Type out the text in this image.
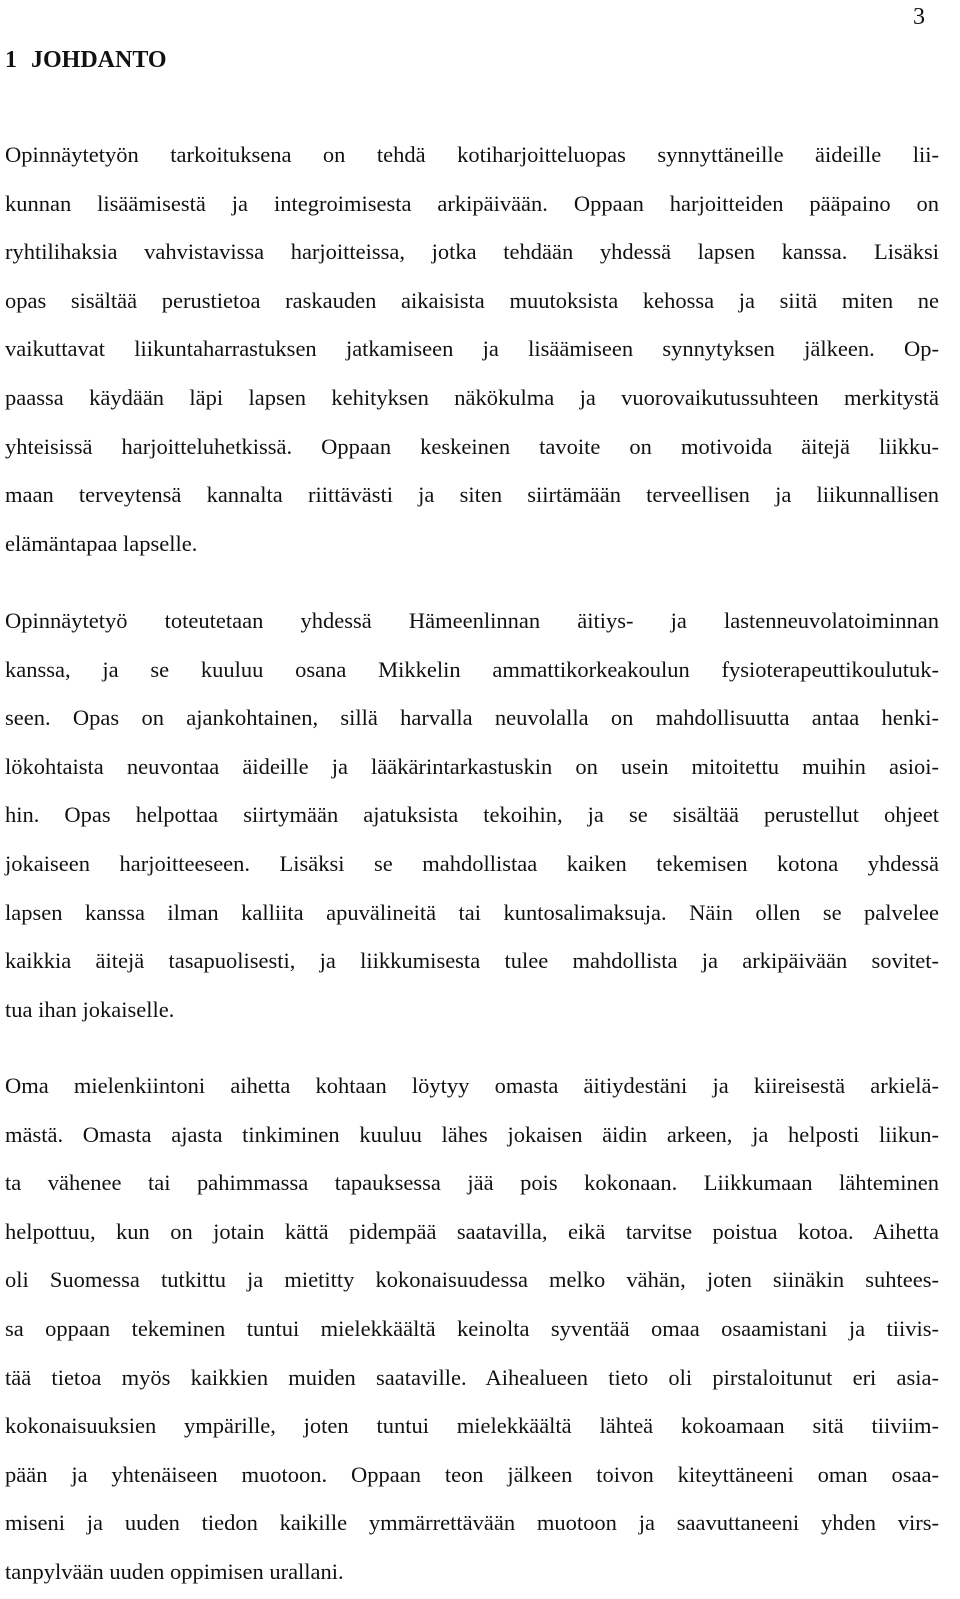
3
1 JOHDANTO

Opinnäytetyön tarkoituksena on tehdä kotiharjoitteluopas synnyttäneille äideille lii-
kunnan lisäämisestä ja integroimisesta arkipäivään. Oppaan harjoitteiden pääpaino on
ryhtilihaksia vahvistavissa harjoitteissa, jotka tehdään yhdessä lapsen kanssa. Lisäksi
opas sisältää perustietoa raskauden aikaisista muutoksista kehossa ja siitä miten ne
vaikuttavat liikuntaharrastuksen jatkamiseen ja lisäämiseen synnytyksen jälkeen. Op-
paassa käydään läpi lapsen kehityksen näkökulma ja vuorovaikutussuhteen merkitystä
yhteisissä harjoitteluhetkissä. Oppaan keskeinen tavoite on motivoida äitejä liikku-
maan terveytensä kannalta riittävästi ja siten siirtämään terveellisen ja liikunnallisen
elämäntapaa lapselle.

Opinnäytetyö toteutetaan yhdessä Hämeenlinnan äitiys- ja lastenneuvolatoiminnan
kanssa, ja se kuuluu osana Mikkelin ammattikorkeakoulun fysioterapeuttikoulutuk-
seen. Opas on ajankohtainen, sillä harvalla neuvolalla on mahdollisuutta antaa henki-
lökohtaista neuvontaa äideille ja lääkärintarkastuskin on usein mitoitettu muihin asioi-
hin. Opas helpottaa siirtymään ajatuksista tekoihin, ja se sisältää perustellut ohjeet
jokaiseen harjoitteeseen. Lisäksi se mahdollistaa kaiken tekemisen kotona yhdessä
lapsen kanssa ilman kalliita apuvälineitä tai kuntosalimaksuja. Näin ollen se palvelee
kaikkia äitejä tasapuolisesti, ja liikkumisesta tulee mahdollista ja arkipäivään sovitet-
tua ihan jokaiselle.

Oma mielenkiintoni aihetta kohtaan löytyy omasta äitiydestäni ja kiireisestä arkielä-
mästä. Omasta ajasta tinkiminen kuuluu lähes jokaisen äidin arkeen, ja helposti liikun-
ta vähenee tai pahimmassa tapauksessa jää pois kokonaan. Liikkumaan lähteminen
helpottuu, kun on jotain kättä pidempää saatavilla, eikä tarvitse poistua kotoa. Aihetta
oli Suomessa tutkittu ja mietitty kokonaisuudessa melko vähän, joten siinäkin suhtees-
sa oppaan tekeminen tuntui mielekkäältä keinolta syventää omaa osaamistani ja tiivis-
tää tietoa myös kaikkien muiden saataville. Aihealueen tieto oli pirstaloitunut eri asia-
kokonaisuuksien ympärille, joten tuntui mielekkäältä lähteä kokoamaan sitä tiiviim-
pään ja yhtenäiseen muotoon. Oppaan teon jälkeen toivon kiteyttäneeni oman osaa-
miseni ja uuden tiedon kaikille ymmärrettävään muotoon ja saavuttaneeni yhden virs-
tanpylvään uuden oppimisen urallani.
